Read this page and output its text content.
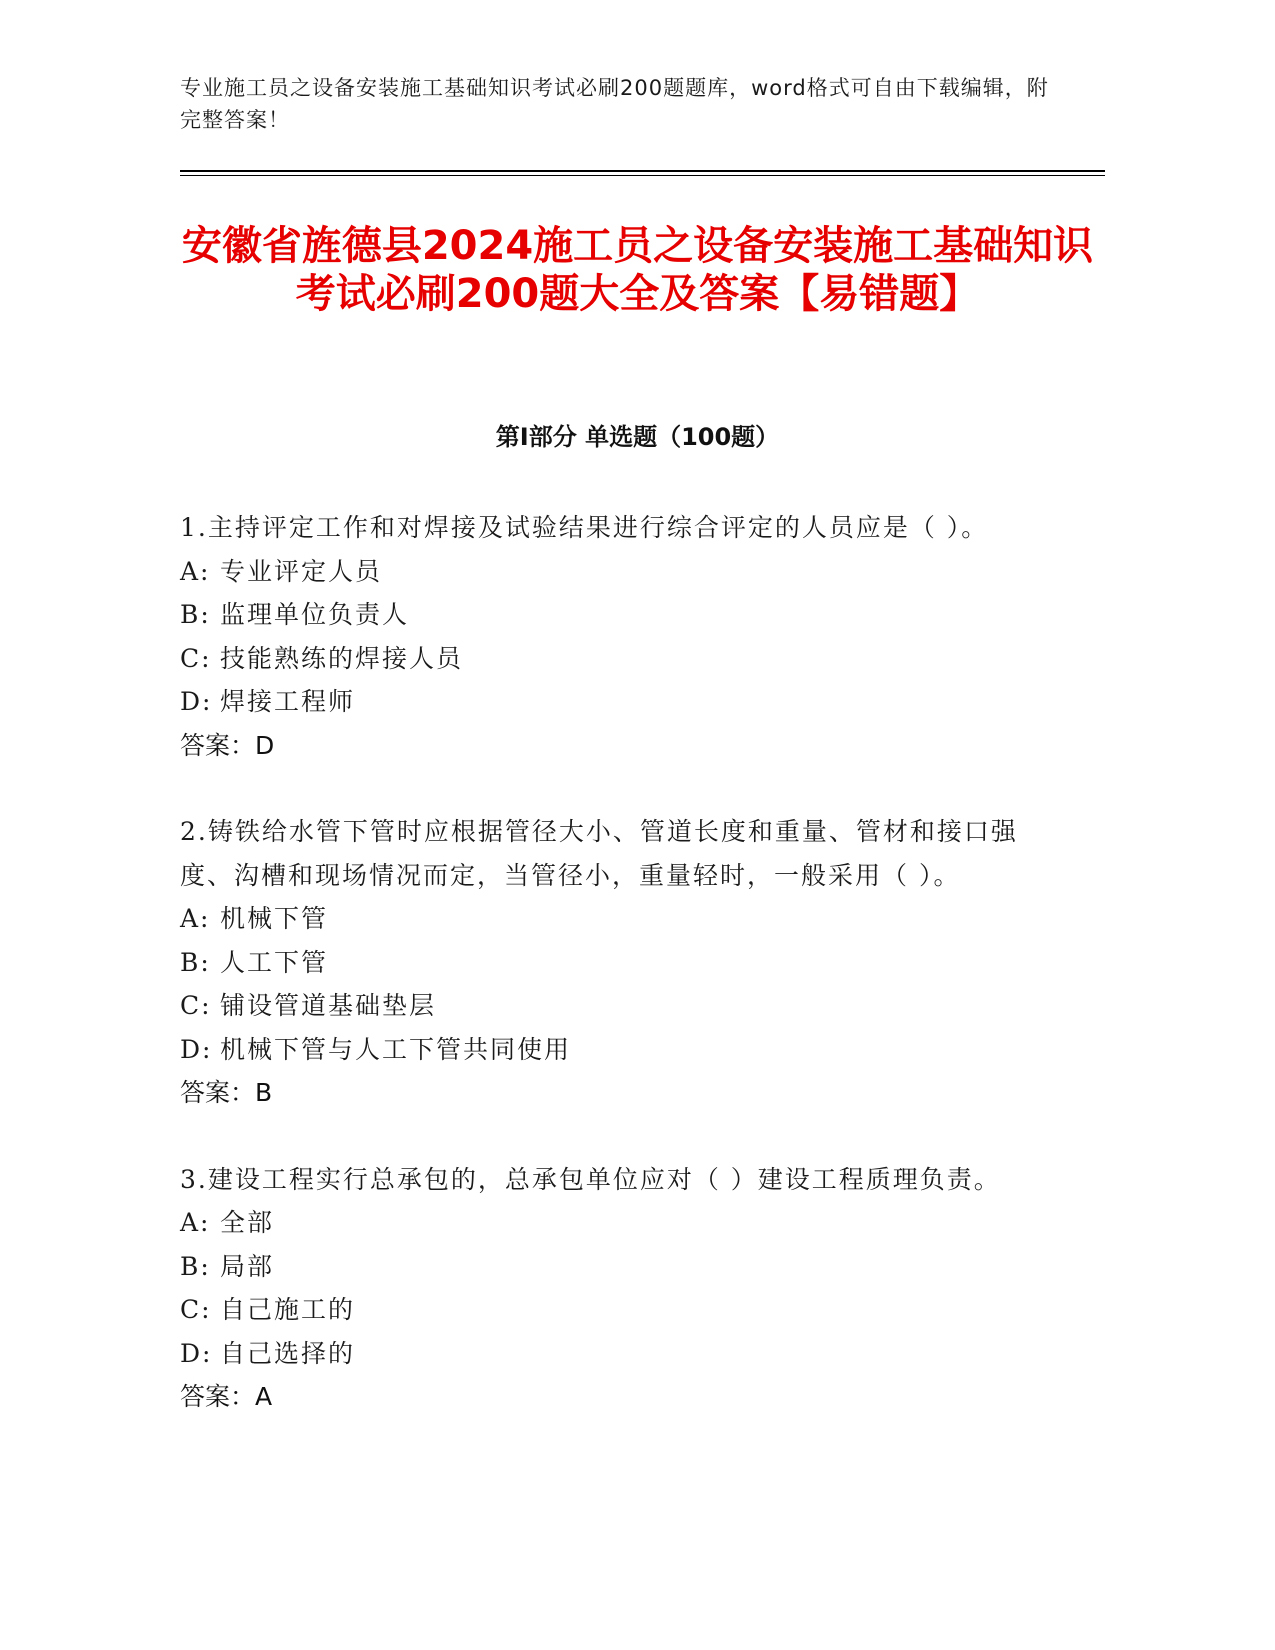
专业施工员之设备安装施工基础知识考试必刷200题题库，word格式可自由下载编辑，附完整答案！
安徽省旌德县2024施工员之设备安装施工基础知识考试必刷200题大全及答案【易错题】
第I部分 单选题（100题）
1.主持评定工作和对焊接及试验结果进行综合评定的人员应是（ ）。
A: 专业评定人员
B: 监理单位负责人
C: 技能熟练的焊接人员
D: 焊接工程师
答案：D
2.铸铁给水管下管时应根据管径大小、管道长度和重量、管材和接口强度、沟槽和现场情况而定，当管径小，重量轻时，一般采用（ ）。
A: 机械下管
B: 人工下管
C: 铺设管道基础垫层
D: 机械下管与人工下管共同使用
答案：B
3.建设工程实行总承包的，总承包单位应对（ ）建设工程质理负责。
A: 全部
B: 局部
C: 自己施工的
D: 自己选择的
答案：A
